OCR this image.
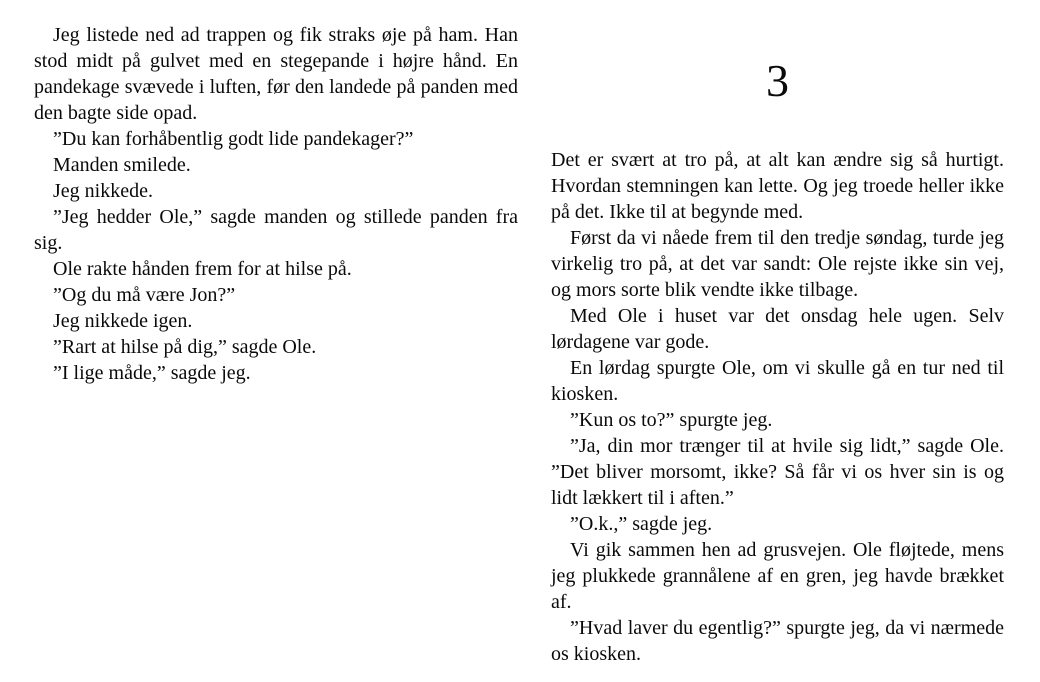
Jeg listede ned ad trappen og fik straks øje på ham. Han stod midt på gulvet med en stegepande i højre hånd. En pandekage svævede i luften, før den landede på panden med den bagte side opad.

”Du kan forhåbentlig godt lide pandekager?”

Manden smilede.

Jeg nikkede.

”Jeg hedder Ole,” sagde manden og stillede panden fra sig.

Ole rakte hånden frem for at hilse på.

”Og du må være Jon?”

Jeg nikkede igen.

”Rart at hilse på dig,” sagde Ole.

”I lige måde,” sagde jeg.

3

Det er svært at tro på, at alt kan ændre sig så hurtigt. Hvordan stemningen kan lette. Og jeg troede heller ikke på det. Ikke til at begynde med.

Først da vi nåede frem til den tredje søndag, turde jeg virkelig tro på, at det var sandt: Ole rejste ikke sin vej, og mors sorte blik vendte ikke tilbage.

Med Ole i huset var det onsdag hele ugen. Selv lørdagene var gode.

En lørdag spurgte Ole, om vi skulle gå en tur ned til kiosken.

”Kun os to?” spurgte jeg.

”Ja, din mor trænger til at hvile sig lidt,” sagde Ole. ”Det bliver morsomt, ikke? Så får vi os hver sin is og lidt lækkert til i aften.”

”O.k.,” sagde jeg.

Vi gik sammen hen ad grusvejen. Ole fløjtede, mens jeg plukkede grannålene af en gren, jeg havde brækket af.

”Hvad laver du egentlig?” spurgte jeg, da vi nærmede os kiosken.
